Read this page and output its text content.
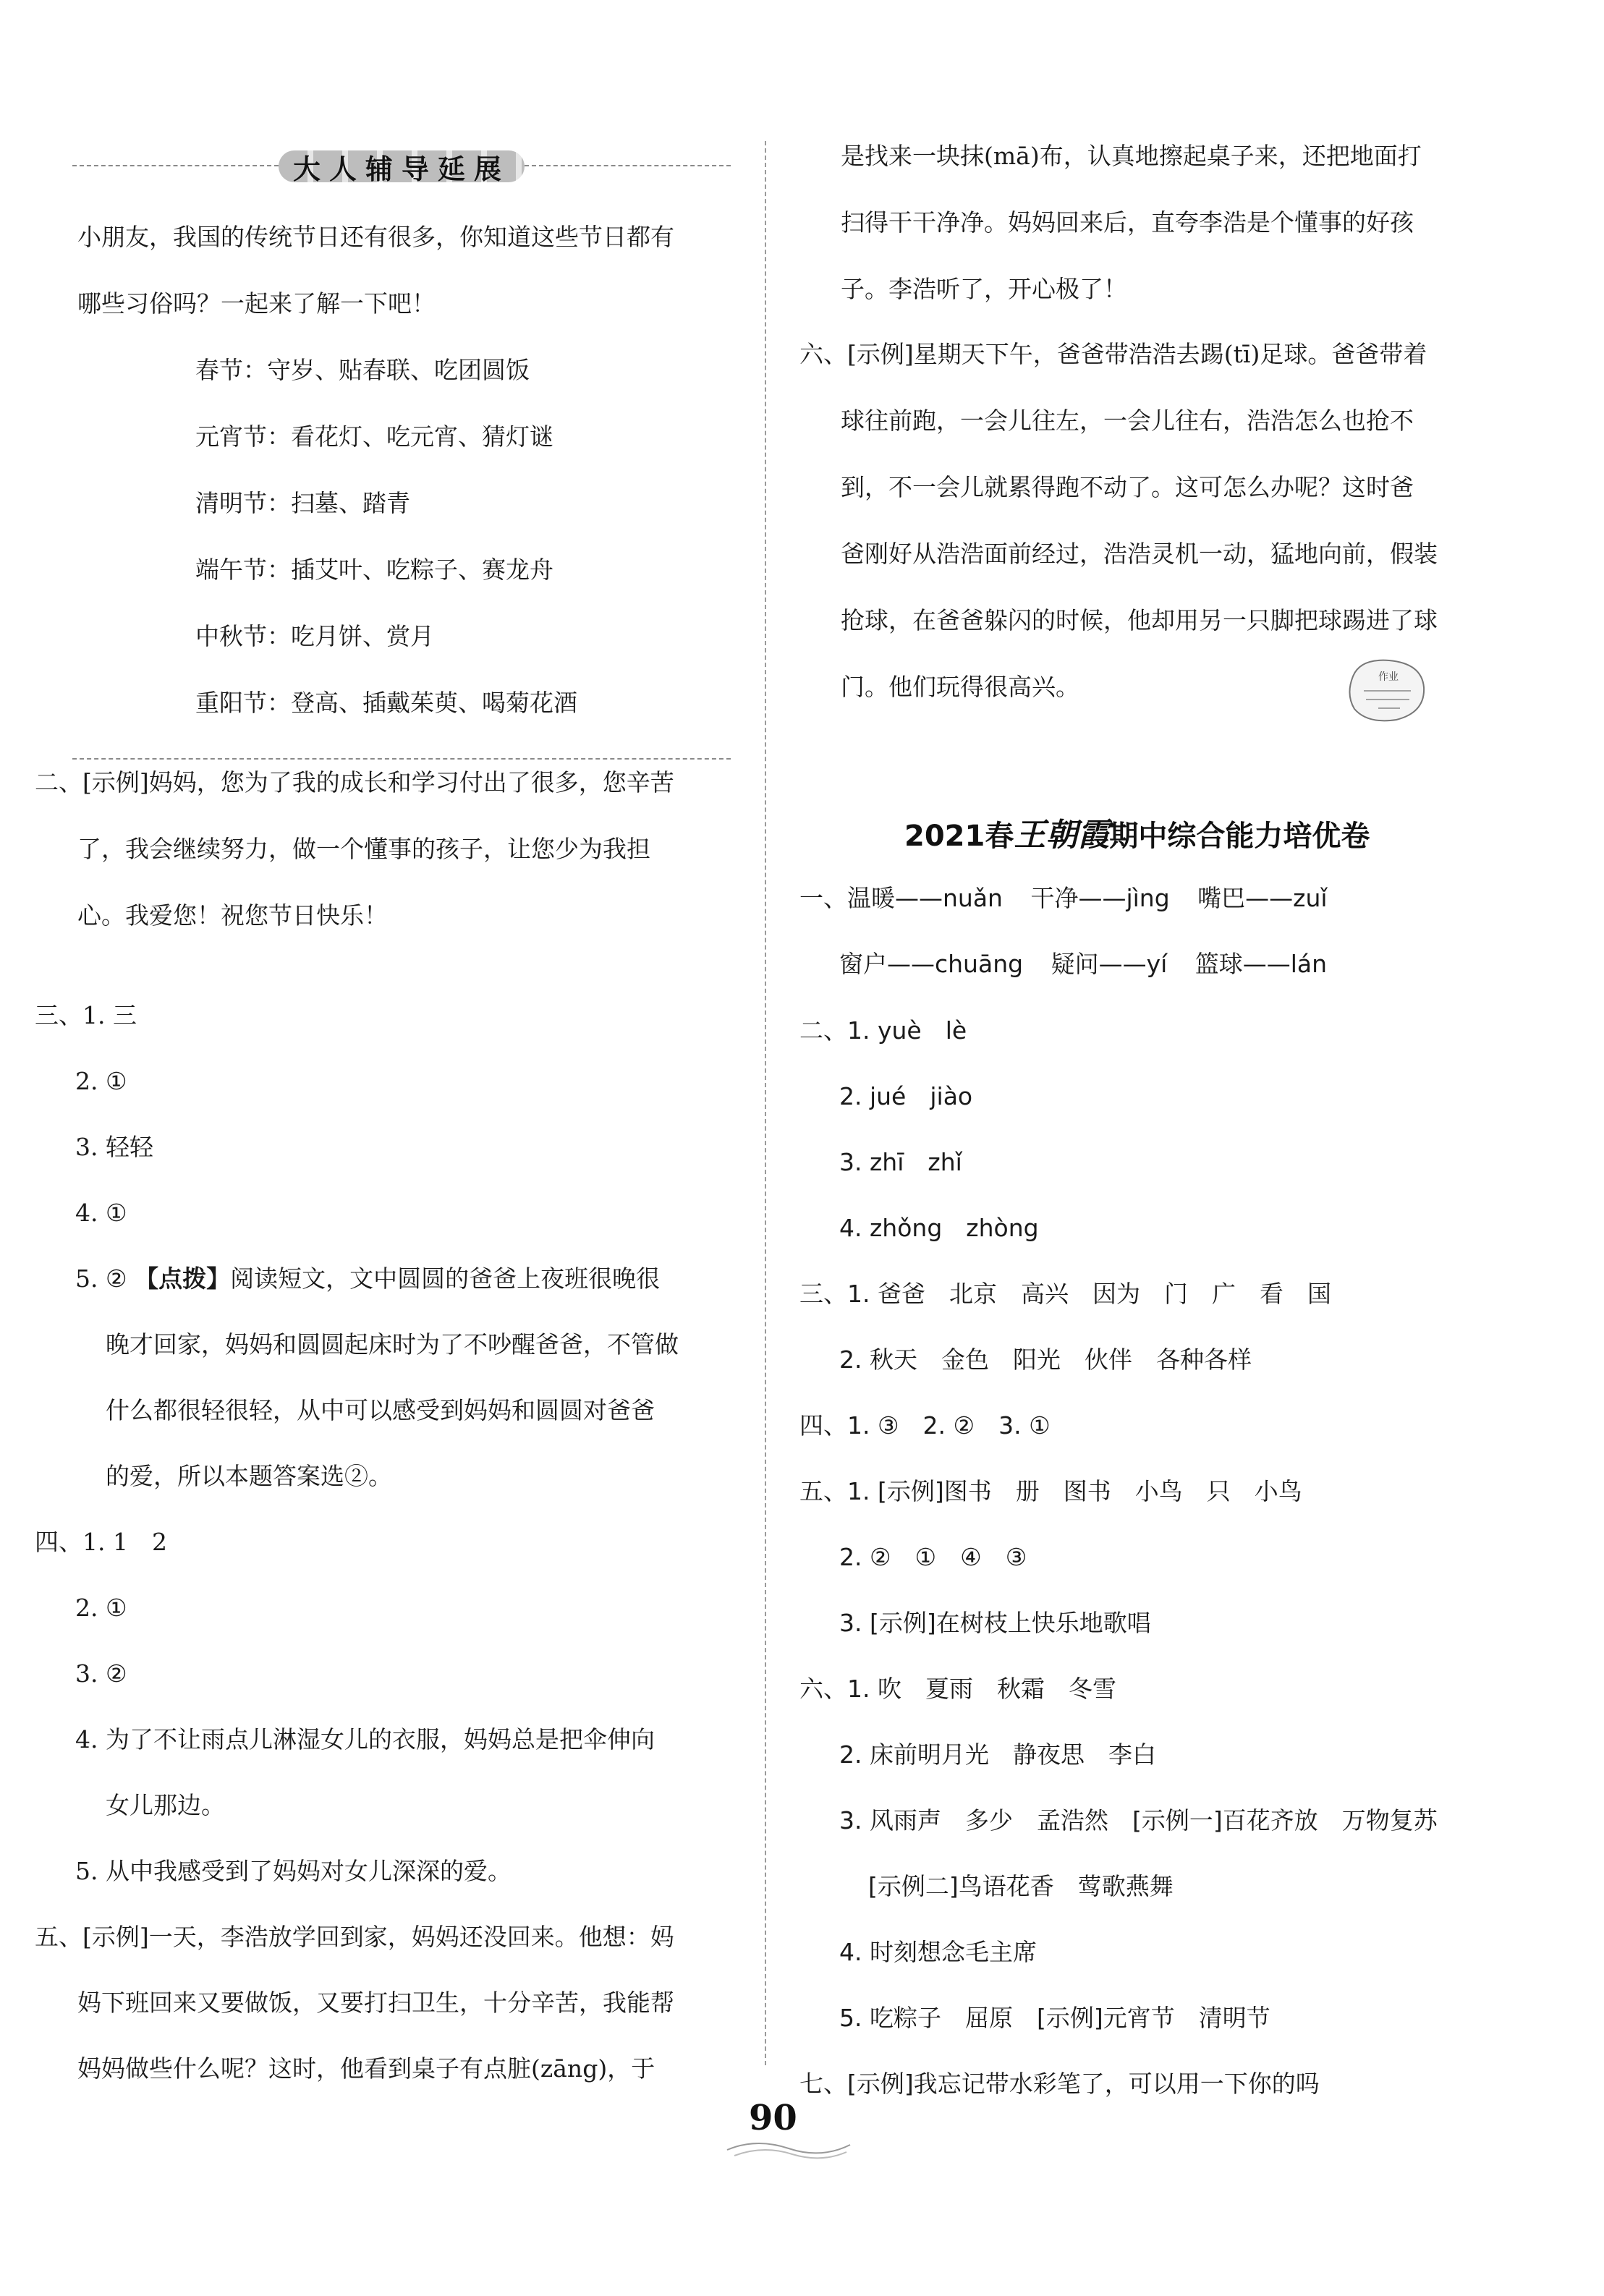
大人辅导延展
小朋友，我国的传统节日还有很多，你知道这些节日都有
哪些习俗吗？一起来了解一下吧！
春节：守岁、贴春联、吃团圆饭
元宵节：看花灯、吃元宵、猜灯谜
清明节：扫墓、踏青
端午节：插艾叶、吃粽子、赛龙舟
中秋节：吃月饼、赏月
重阳节：登高、插戴茱萸、喝菊花酒
二、[示例]妈妈，您为了我的成长和学习付出了很多，您辛苦
了，我会继续努力，做一个懂事的孩子，让您少为我担
心。我爱您！祝您节日快乐！
三、1. 三
2. ①
3. 轻轻
4. ①
5. ② 【点拨】阅读短文，文中圆圆的爸爸上夜班很晚很
晚才回家，妈妈和圆圆起床时为了不吵醒爸爸，不管做
什么都很轻很轻，从中可以感受到妈妈和圆圆对爸爸
的爱，所以本题答案选②。
四、1. 1　2
2. ①
3. ②
4. 为了不让雨点儿淋湿女儿的衣服，妈妈总是把伞伸向
女儿那边。
5. 从中我感受到了妈妈对女儿深深的爱。
五、[示例]一天，李浩放学回到家，妈妈还没回来。他想：妈
妈下班回来又要做饭，又要打扫卫生，十分辛苦，我能帮
妈妈做些什么呢？这时，他看到桌子有点脏(zāng)，于
是找来一块抹(mā)布，认真地擦起桌子来，还把地面打
扫得干干净净。妈妈回来后，直夸李浩是个懂事的好孩
子。李浩听了，开心极了！
六、[示例]星期天下午，爸爸带浩浩去踢(tī)足球。爸爸带着
球往前跑，一会儿往左，一会儿往右，浩浩怎么也抢不
到，不一会儿就累得跑不动了。这可怎么办呢？这时爸
爸刚好从浩浩面前经过，浩浩灵机一动，猛地向前，假装
抢球，在爸爸躲闪的时候，他却用另一只脚把球踢进了球
门。他们玩得很高兴。	作业
2021春王朝霞期中综合能力培优卷
一、温暖——nuǎn 干净——jìng 嘴巴——zuǐ
窗户——chuāng 疑问——yí 篮球——lán
二、1. yuè　lè
2. jué　jiào
3. zhī　zhǐ
4. zhǒng　zhòng
三、1. 爸爸　北京　高兴　因为　门　广　看　国
2. 秋天　金色　阳光　伙伴　各种各样
四、1. ③　2. ②　3. ①
五、1. [示例]图书　册　图书　小鸟　只　小鸟
2. ②　①　④　③
3. [示例]在树枝上快乐地歌唱
六、1. 吹　夏雨　秋霜　冬雪
2. 床前明月光　静夜思　李白
3. 风雨声　多少　孟浩然　[示例一]百花齐放　万物复苏
[示例二]鸟语花香　莺歌燕舞
4. 时刻想念毛主席
5. 吃粽子　屈原　[示例]元宵节　清明节
七、[示例]我忘记带水彩笔了，可以用一下你的吗
90
